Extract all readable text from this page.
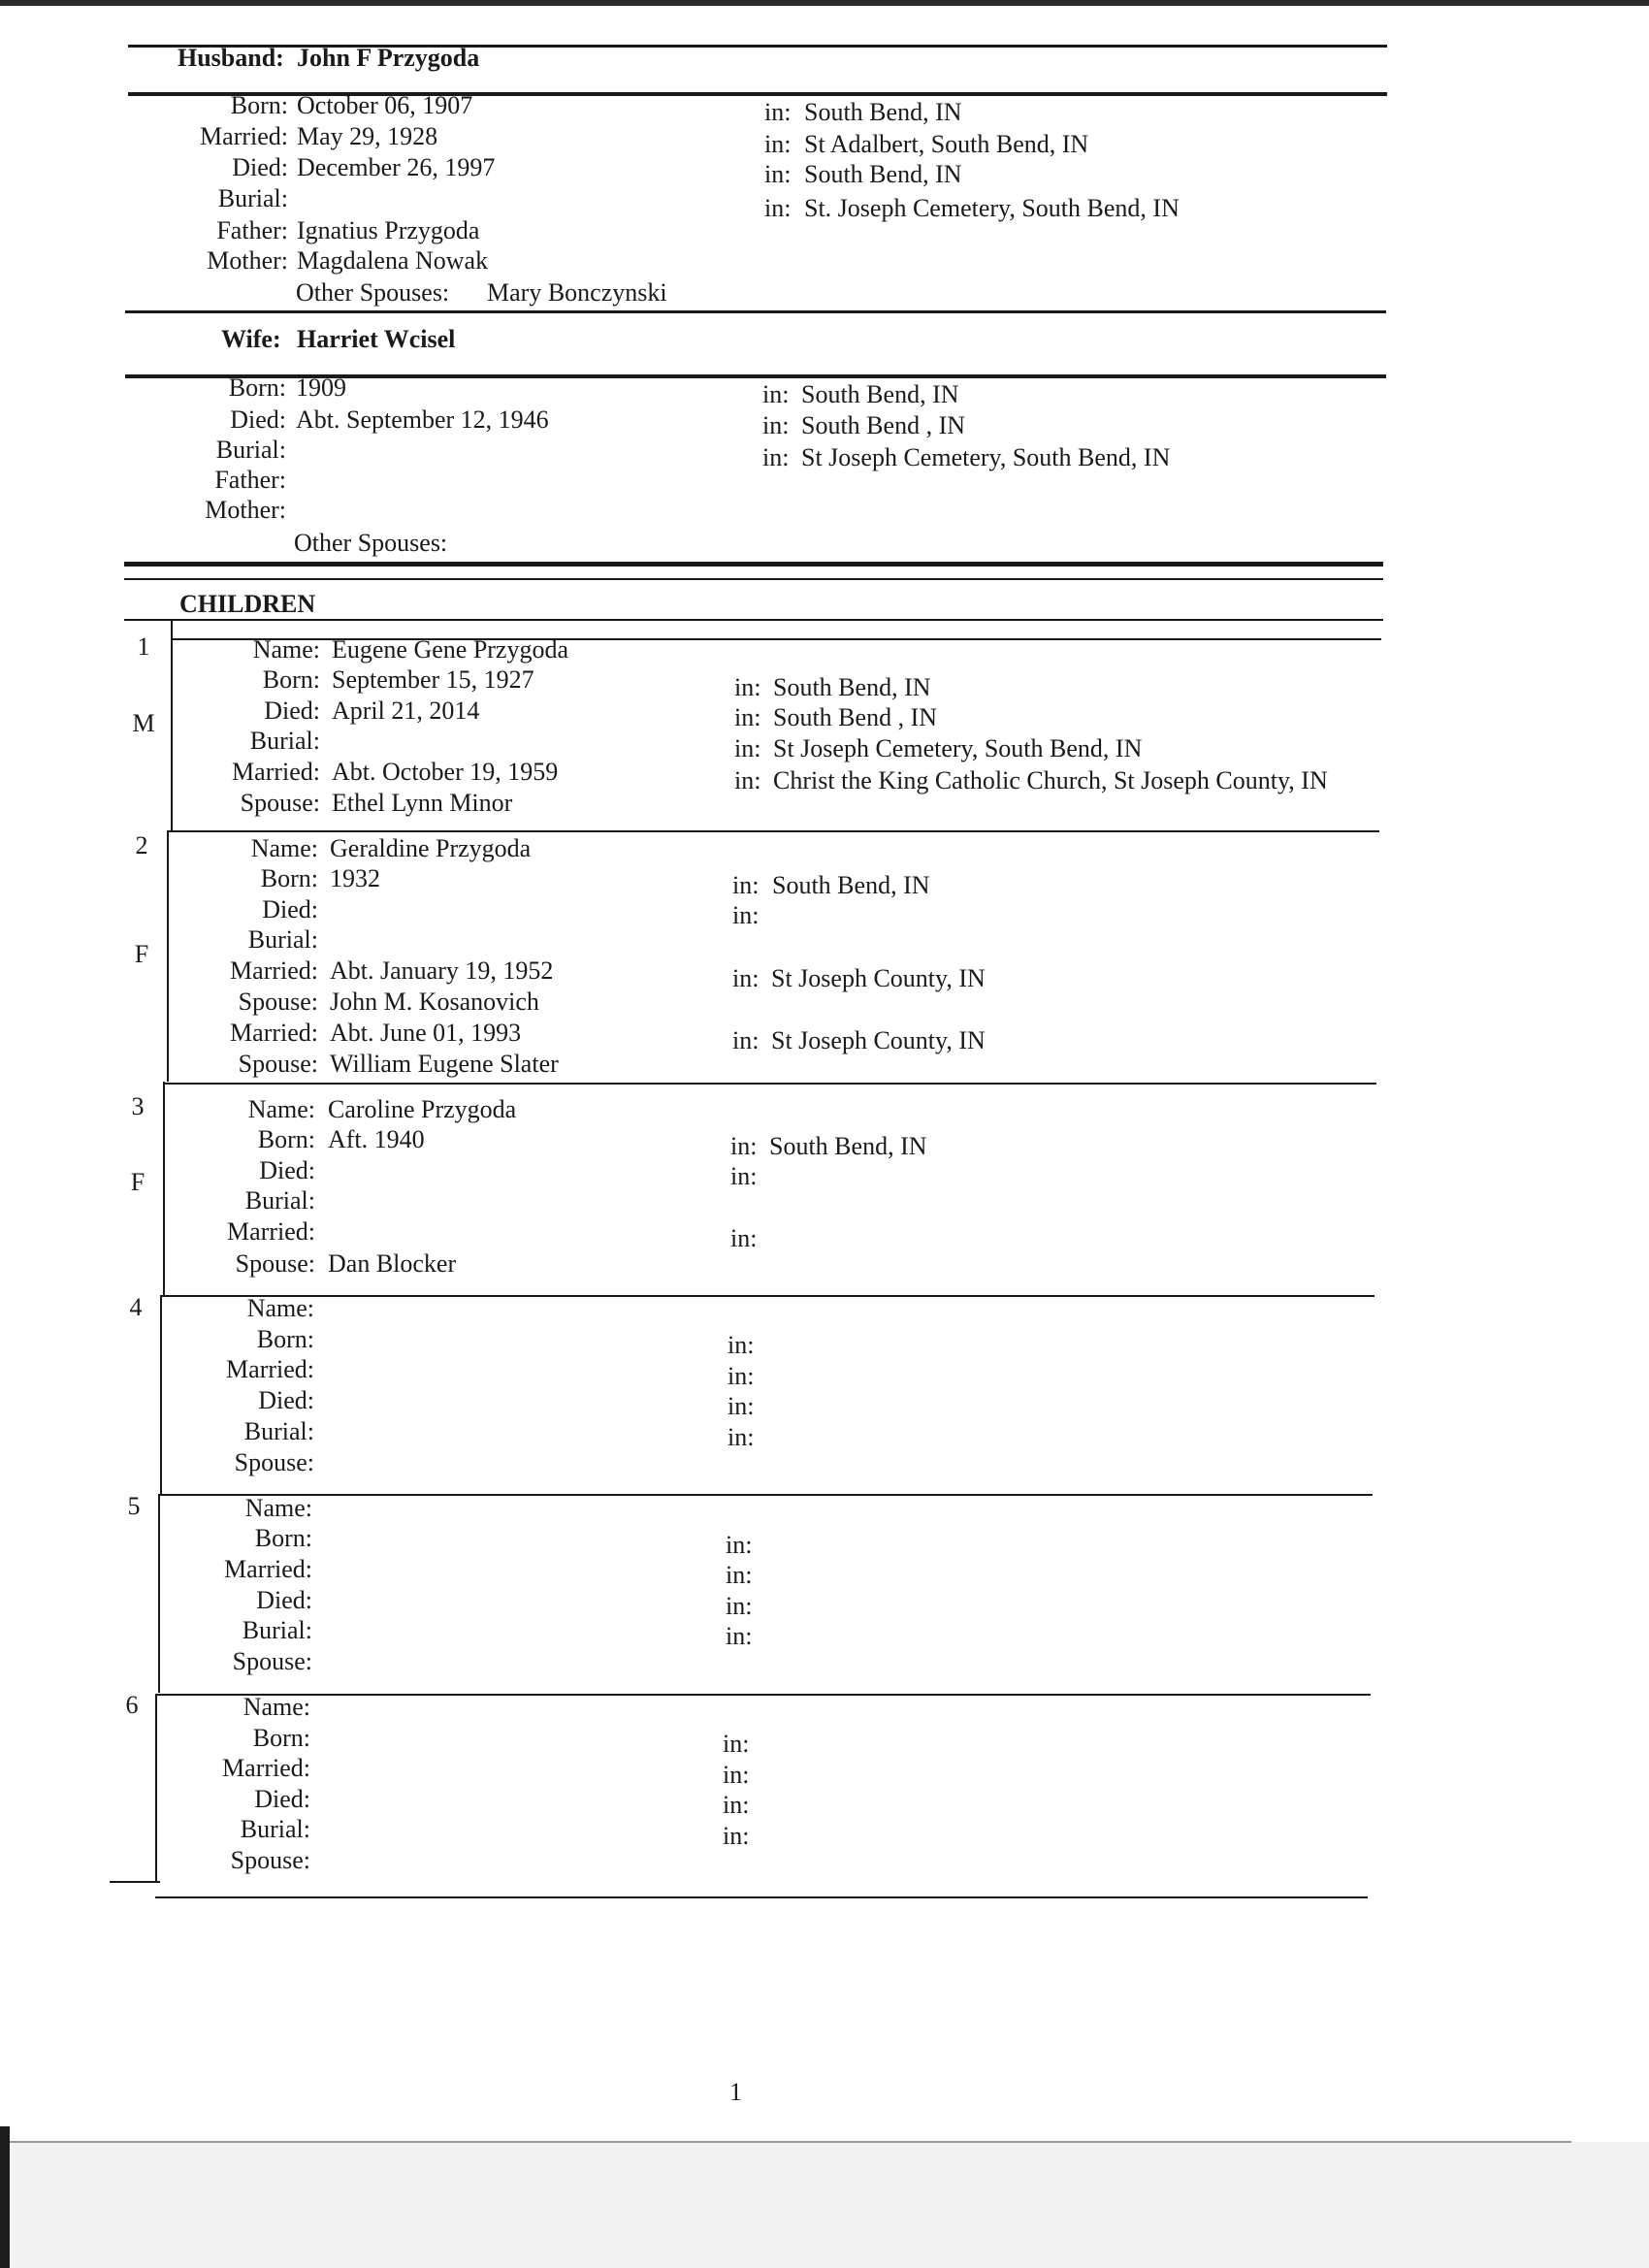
Husband: John F Przygoda
Born: October 06, 1907	in: South Bend, IN
Married: May 29, 1928	in: St Adalbert, South Bend, IN
Died: December 26, 1997	in: South Bend, IN
Burial:	in: St. Joseph Cemetery, South Bend, IN
Father: Ignatius Przygoda
Mother: Magdalena Nowak
Other Spouses: Mary Bonczynski
Wife: Harriet Wcisel
Born: 1909	in: South Bend, IN
Died: Abt. September 12, 1946	in: South Bend , IN
Burial:	in: St Joseph Cemetery, South Bend, IN
Father:
Mother:
Other Spouses:
CHILDREN
1
M
Name: Eugene Gene Przygoda
Born: September 15, 1927	in: South Bend, IN
Died: April 21, 2014	in: South Bend , IN
Burial:	in: St Joseph Cemetery, South Bend, IN
Married: Abt. October 19, 1959	in: Christ the King Catholic Church, St Joseph County, IN
Spouse: Ethel Lynn Minor
2
F
Name: Geraldine Przygoda
Born: 1932	in: South Bend, IN
Died:	in:
Burial:
Married: Abt. January 19, 1952	in: St Joseph County, IN
Spouse: John M. Kosanovich
Married: Abt. June 01, 1993	in: St Joseph County, IN
Spouse: William Eugene Slater
3
F
Name: Caroline Przygoda
Born: Aft. 1940	in: South Bend, IN
Died:	in:
Burial:
Married:	in:
Spouse: Dan Blocker
4	Name:
Born:	in:
Married:	in:
Died:	in:
Burial:	in:
Spouse:
5	Name:
Born:	in:
Married:	in:
Died:	in:
Burial:	in:
Spouse:
6	Name:
Born:	in:
Married:	in:
Died:	in:
Burial:	in:
Spouse:
1
